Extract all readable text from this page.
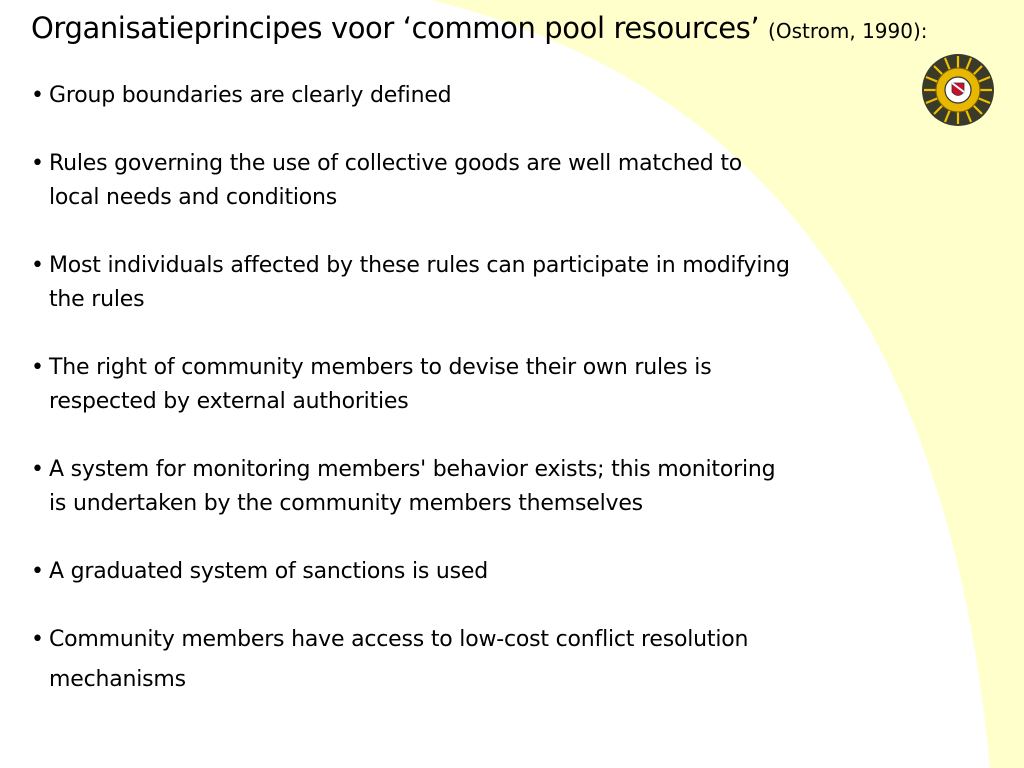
Organisatieprincipes voor ‘common pool resources’ (Ostrom, 1990):
• Group boundaries are clearly defined
• Rules governing the use of collective goods are well matched to
local needs and conditions
• Most individuals affected by these rules can participate in modifying
the rules
• The right of community members to devise their own rules is
respected by external authorities
• A system for monitoring members' behavior exists; this monitoring
is undertaken by the community members themselves
• A graduated system of sanctions is used
• Community members have access to low-cost conflict resolution
mechanisms
